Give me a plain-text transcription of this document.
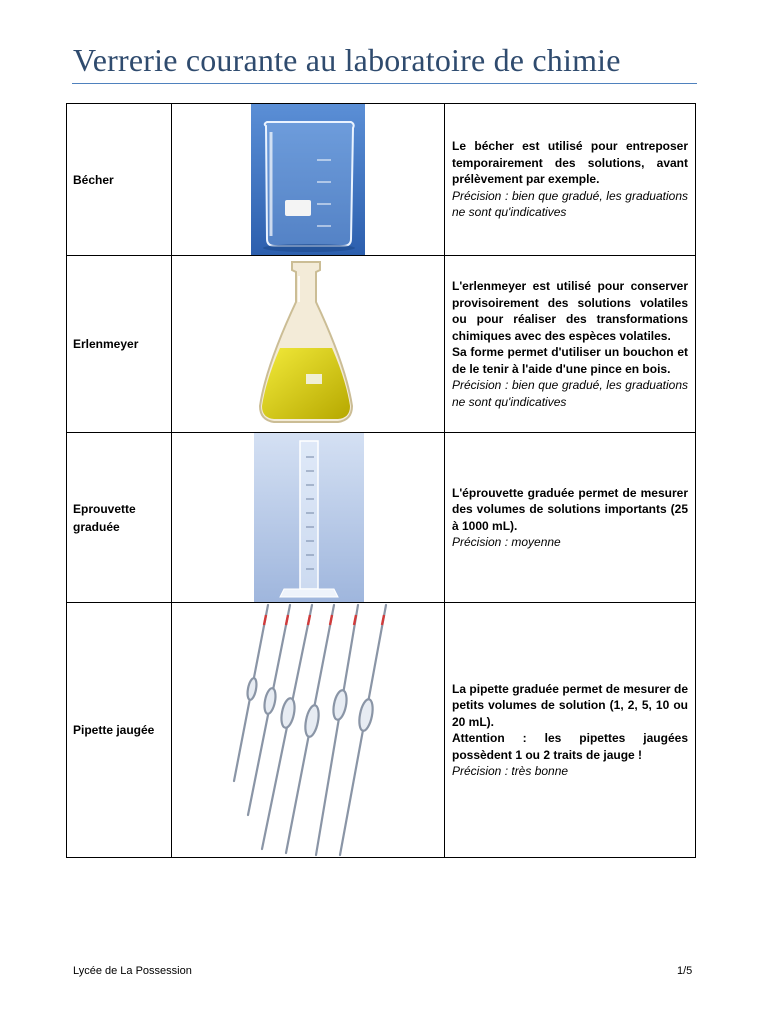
Verrerie courante au laboratoire de chimie
Bécher		Le bécher est utilisé pour entreposer temporairement des solutions, avant prélèvement par exemple.
Précision : bien que gradué, les graduations ne sont qu'indicatives

Erlenmeyer		L'erlenmeyer est utilisé pour conserver provisoirement des solutions volatiles ou pour réaliser des transformations chimiques avec des espèces volatiles.
Sa forme permet d'utiliser un bouchon et de le tenir à l'aide d'une pince en bois.
Précision : bien que gradué, les graduations ne sont qu'indicatives

Eprouvette graduée		L'éprouvette graduée permet de mesurer des volumes de solutions importants (25 à 1000 mL).
Précision : moyenne

Pipette jaugée		La pipette graduée permet de mesurer de petits volumes de solution (1, 2, 5, 10 ou 20 mL).
Attention : les pipettes jaugées possèdent 1 ou 2 traits de jauge !
Précision : très bonne
Lycée de La Possession	1/5
